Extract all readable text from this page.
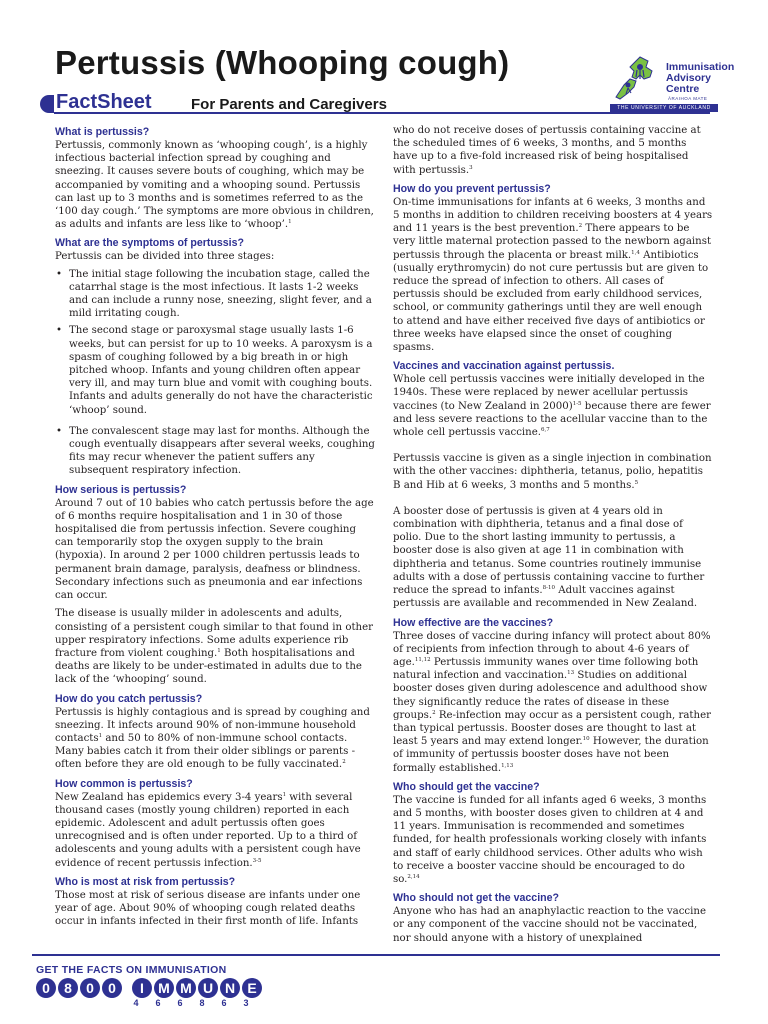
Pertussis (Whooping cough)
FactSheet	For Parents and Caregivers
Immunisation
Advisory
Centre
ĀRAIHOA MATE
THE UNIVERSITY OF AUCKLAND
What is pertussis?

Pertussis, commonly known as ‘whooping cough’, is a highly infectious bacterial infection spread by coughing and sneezing. It causes severe bouts of coughing, which may be accompanied by vomiting and a whooping sound. Pertussis can last up to 3 months and is sometimes referred to as the ‘100 day cough.’ The symptoms are more obvious in children, as adults and infants are less like to ‘whoop’.$^1$

What are the symptoms of pertussis?

Pertussis can be divided into three stages:

• The initial stage following the incubation stage, called the catarrhal stage is the most infectious. It lasts 1-2 weeks and can include a runny nose, sneezing, slight fever, and a mild irritating cough.
• The second stage or paroxysmal stage usually lasts 1-6 weeks, but can persist for up to 10 weeks. A paroxysm is a spasm of coughing followed by a big breath in or high pitched whoop. Infants and young children often appear very ill, and may turn blue and vomit with coughing bouts. Infants and adults generally do not have the characteristic ‘whoop’ sound.
• The convalescent stage may last for months. Although the cough eventually disappears after several weeks, coughing fits may recur whenever the patient suffers any subsequent respiratory infection.
How serious is pertussis?

Around 7 out of 10 babies who catch pertussis before the age of 6 months require hospitalisation and 1 in 30 of those hospitalised die from pertussis infection. Severe coughing can temporarily stop the oxygen supply to the brain (hypoxia). In around 2 per 1000 children pertussis leads to permanent brain damage, paralysis, deafness or blindness. Secondary infections such as pneumonia and ear infections can occur.

The disease is usually milder in adolescents and adults, consisting of a persistent cough similar to that found in other upper respiratory infections. Some adults experience rib fracture from violent coughing.$^1$ Both hospitalisations and deaths are likely to be under-estimated in adults due to the lack of the ‘whooping’ sound.

How do you catch pertussis?

Pertussis is highly contagious and is spread by coughing and sneezing. It infects around 90% of non-immune household contacts$^1$ and 50 to 80% of non-immune school contacts. Many babies catch it from their older siblings or parents - often before they are old enough to be fully vaccinated.$^2$

How common is pertussis?

New Zealand has epidemics every 3-4 years$^1$ with several thousand cases (mostly young children) reported in each epidemic. Adolescent and adult pertussis often goes unrecognised and is often under reported. Up to a third of adolescents and young adults with a persistent cough have evidence of recent pertussis infection.$^{3-5}$

Who is most at risk from pertussis?

Those most at risk of serious disease are infants under one year of age. About 90% of whooping cough related deaths occur in infants infected in their first month of life. Infants

who do not receive doses of pertussis containing vaccine at the scheduled times of 6 weeks, 3 months, and 5 months have up to a five-fold increased risk of being hospitalised with pertussis.$^3$

How do you prevent pertussis?

On-time immunisations for infants at 6 weeks, 3 months and 5 months in addition to children receiving boosters at 4 years and 11 years is the best prevention.$^2$ There appears to be very little maternal protection passed to the newborn against pertussis through the placenta or breast milk.$^{1,4}$ Antibiotics (usually erythromycin) do not cure pertussis but are given to reduce the spread of infection to others. All cases of pertussis should be excluded from early childhood services, school, or community gatherings until they are well enough to attend and have either received five days of antibiotics or three weeks have elapsed since the onset of coughing spasms.

Vaccines and vaccination against pertussis.

Whole cell pertussis vaccines were initially developed in the 1940s. These were replaced by newer acellular pertussis vaccines (to New Zealand in 2000)$^{1-5}$ because there are fewer and less severe reactions to the acellular vaccine than to the whole cell pertussis vaccine.$^{6,7}$

Pertussis vaccine is given as a single injection in combination with the other vaccines: diphtheria, tetanus, polio, hepatitis B and Hib at 6 weeks, 3 months and 5 months.$^5$

A booster dose of pertussis is given at 4 years old in combination with diphtheria, tetanus and a final dose of polio. Due to the short lasting immunity to pertussis, a booster dose is also given at age 11 in combination with diphtheria and tetanus. Some countries routinely immunise adults with a dose of pertussis containing vaccine to further reduce the spread to infants.$^{8-10}$ Adult vaccines against pertussis are available and recommended in New Zealand.

How effective are the vaccines?

Three doses of vaccine during infancy will protect about 80% of recipients from infection through to about 4-6 years of age.$^{11,12}$ Pertussis immunity wanes over time following both natural infection and vaccination.$^{13}$ Studies on additional booster doses given during adolescence and adulthood show they significantly reduce the rates of disease in these groups.$^2$ Re-infection may occur as a persistent cough, rather than typical pertussis. Booster doses are thought to last at least 5 years and may extend longer.$^{10}$ However, the duration of immunity of pertussis booster doses have not been formally established.$^{1,13}$

Who should get the vaccine?

The vaccine is funded for all infants aged 6 weeks, 3 months and 5 months, with booster doses given to children at 4 and 11 years. Immunisation is recommended and sometimes funded, for health professionals working closely with infants and staff of early childhood services. Other adults who wish to receive a booster vaccine should be encouraged to do so.$^{2,14}$

Who should not get the vaccine?

Anyone who has had an anaphylactic reaction to the vaccine or any component of the vaccine should not be vaccinated, nor should anyone with a history of unexplained

GET THE FACTS ON IMMUNISATION
0	8	0	0	I	M M U N E
4	6	6	8	6	3
